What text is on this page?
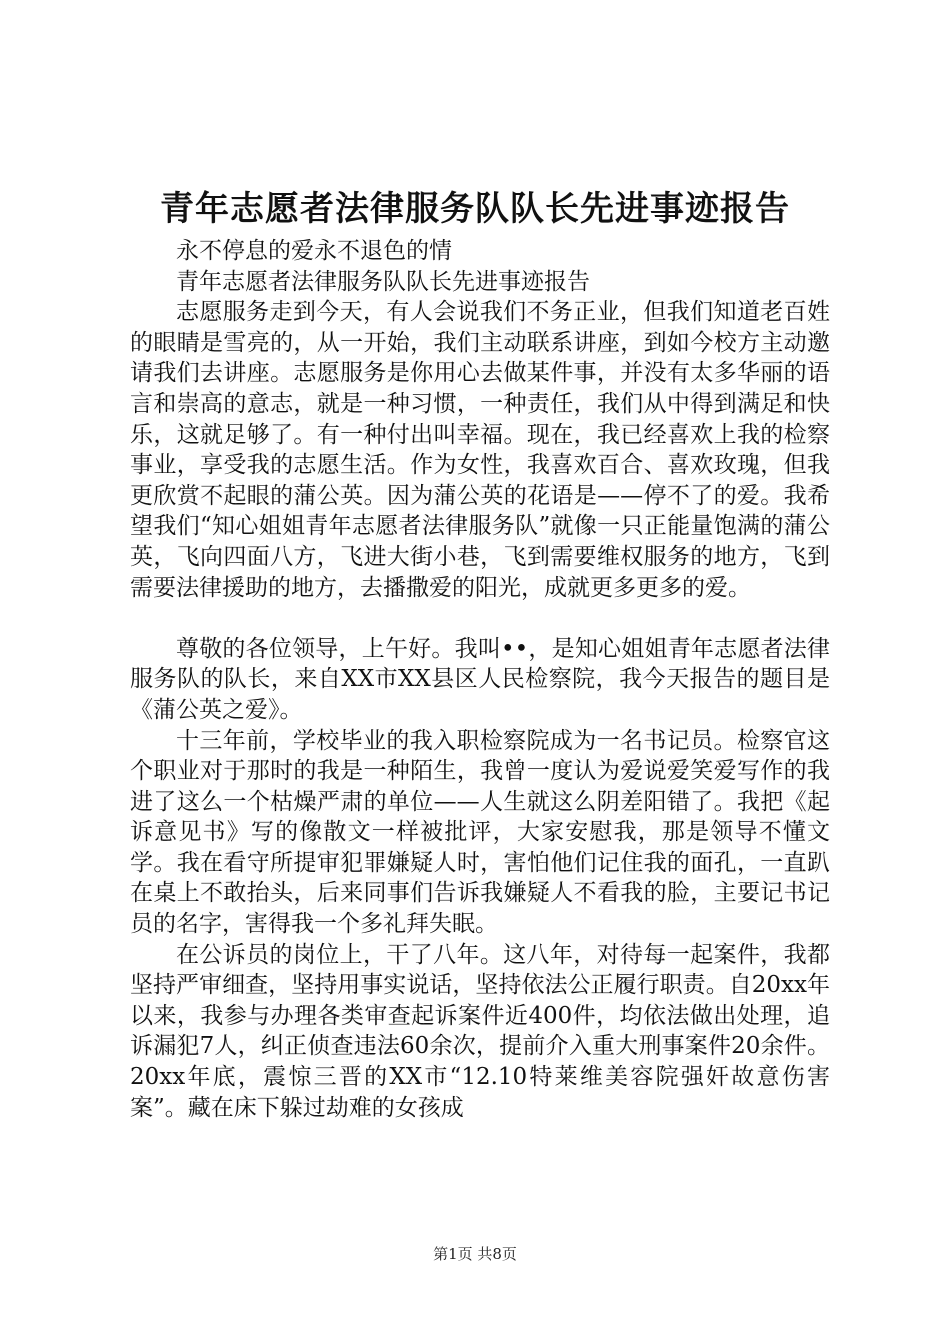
青年志愿者法律服务队队长先进事迹报告

永不停息的爱永不退色的情

青年志愿者法律服务队队长先进事迹报告

志愿服务走到今天，有人会说我们不务正业，但我们知道老百姓的眼睛是雪亮的，从一开始，我们主动联系讲座，到如今校方主动邀请我们去讲座。志愿服务是你用心去做某件事，并没有太多华丽的语言和崇高的意志，就是一种习惯，一种责任，我们从中得到满足和快乐，这就足够了。有一种付出叫幸福。现在，我已经喜欢上我的检察事业，享受我的志愿生活。作为女性，我喜欢百合、喜欢玫瑰，但我更欣赏不起眼的蒲公英。因为蒲公英的花语是——停不了的爱。我希望我们“知心姐姐青年志愿者法律服务队”就像一只正能量饱满的蒲公英，飞向四面八方，飞进大街小巷，飞到需要维权服务的地方，飞到需要法律援助的地方，去播撒爱的阳光，成就更多更多的爱。

尊敬的各位领导，上午好。我叫••，是知心姐姐青年志愿者法律服务队的队长，来自XX市XX县区人民检察院，我今天报告的题目是《蒲公英之爱》。

十三年前，学校毕业的我入职检察院成为一名书记员。检察官这个职业对于那时的我是一种陌生，我曾一度认为爱说爱笑爱写作的我进了这么一个枯燥严肃的单位——人生就这么阴差阳错了。我把《起诉意见书》写的像散文一样被批评，大家安慰我，那是领导不懂文学。我在看守所提审犯罪嫌疑人时，害怕他们记住我的面孔，一直趴在桌上不敢抬头，后来同事们告诉我嫌疑人不看我的脸，主要记书记员的名字，害得我一个多礼拜失眠。

在公诉员的岗位上，干了八年。这八年，对待每一起案件，我都坚持严审细查，坚持用事实说话，坚持依法公正履行职责。自20xx年以来，我参与办理各类审查起诉案件近400件，均依法做出处理，追诉漏犯7人，纠正侦查违法60余次，提前介入重大刑事案件20余件。20xx年底，震惊三晋的XX市“12.10特莱维美容院强奸故意伤害案”。藏在床下躲过劫难的女孩成

第1页 共8页
